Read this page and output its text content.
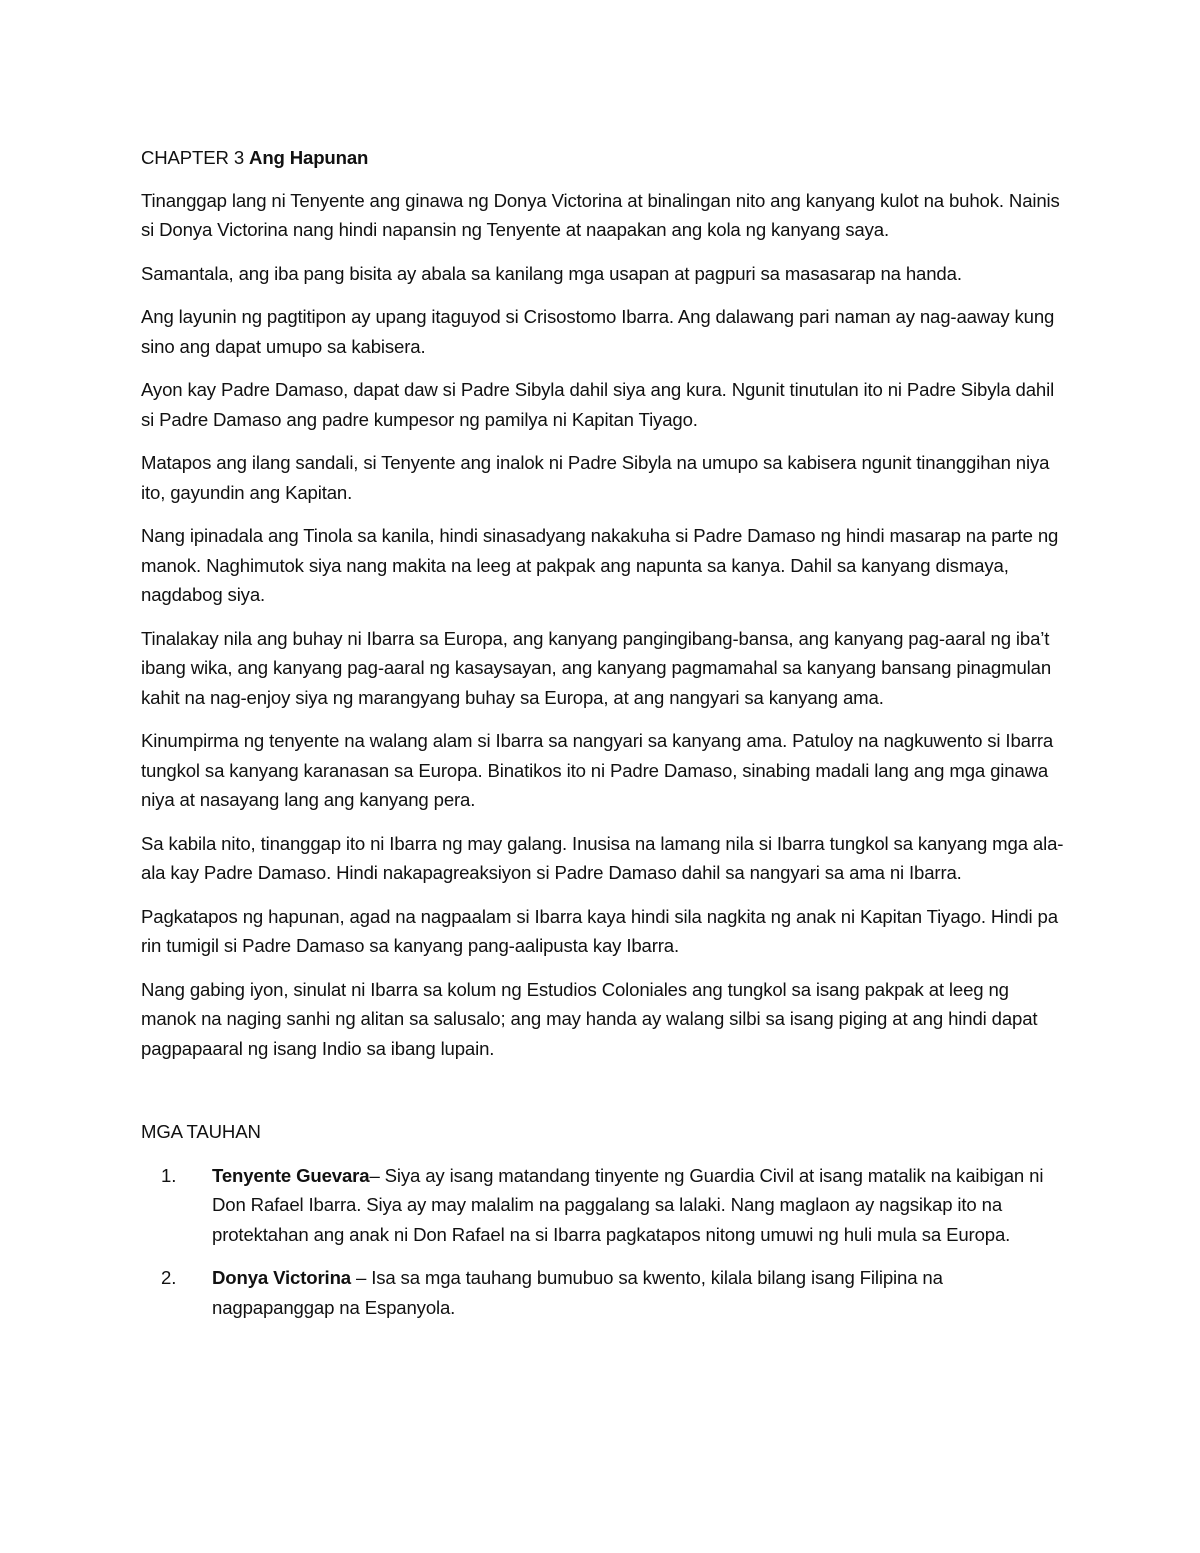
CHAPTER 3 Ang Hapunan

Tinanggap lang ni Tenyente ang ginawa ng Donya Victorina at binalingan nito ang kanyang kulot na buhok. Nainis si Donya Victorina nang hindi napansin ng Tenyente at naapakan ang kola ng kanyang saya.

Samantala, ang iba pang bisita ay abala sa kanilang mga usapan at pagpuri sa masasarap na handa.

Ang layunin ng pagtitipon ay upang itaguyod si Crisostomo Ibarra. Ang dalawang pari naman ay nag-aaway kung sino ang dapat umupo sa kabisera.

Ayon kay Padre Damaso, dapat daw si Padre Sibyla dahil siya ang kura. Ngunit tinutulan ito ni Padre Sibyla dahil si Padre Damaso ang padre kumpesor ng pamilya ni Kapitan Tiyago.

Matapos ang ilang sandali, si Tenyente ang inalok ni Padre Sibyla na umupo sa kabisera ngunit tinanggihan niya ito, gayundin ang Kapitan.

Nang ipinadala ang Tinola sa kanila, hindi sinasadyang nakakuha si Padre Damaso ng hindi masarap na parte ng manok. Naghimutok siya nang makita na leeg at pakpak ang napunta sa kanya. Dahil sa kanyang dismaya, nagdabog siya.

Tinalakay nila ang buhay ni Ibarra sa Europa, ang kanyang pangingibang-bansa, ang kanyang pag-aaral ng iba’t ibang wika, ang kanyang pag-aaral ng kasaysayan, ang kanyang pagmamahal sa kanyang bansang pinagmulan kahit na nag-enjoy siya ng marangyang buhay sa Europa, at ang nangyari sa kanyang ama.

Kinumpirma ng tenyente na walang alam si Ibarra sa nangyari sa kanyang ama. Patuloy na nagkuwento si Ibarra tungkol sa kanyang karanasan sa Europa. Binatikos ito ni Padre Damaso, sinabing madali lang ang mga ginawa niya at nasayang lang ang kanyang pera.

Sa kabila nito, tinanggap ito ni Ibarra ng may galang. Inusisa na lamang nila si Ibarra tungkol sa kanyang mga ala-ala kay Padre Damaso. Hindi nakapagreaksiyon si Padre Damaso dahil sa nangyari sa ama ni Ibarra.

Pagkatapos ng hapunan, agad na nagpaalam si Ibarra kaya hindi sila nagkita ng anak ni Kapitan Tiyago. Hindi pa rin tumigil si Padre Damaso sa kanyang pang-aalipusta kay Ibarra.

Nang gabing iyon, sinulat ni Ibarra sa kolum ng Estudios Coloniales ang tungkol sa isang pakpak at leeg ng manok na naging sanhi ng alitan sa salusalo; ang may handa ay walang silbi sa isang piging at ang hindi dapat pagpapaaral ng isang Indio sa ibang lupain.

MGA TAUHAN

1. Tenyente Guevara– Siya ay isang matandang tinyente ng Guardia Civil at isang matalik na kaibigan ni Don Rafael Ibarra. Siya ay may malalim na paggalang sa lalaki. Nang maglaon ay nagsikap ito na protektahan ang anak ni Don Rafael na si Ibarra pagkatapos nitong umuwi ng huli mula sa Europa.
2. Donya Victorina – Isa sa mga tauhang bumubuo sa kwento, kilala bilang isang Filipina na nagpapanggap na Espanyola.
